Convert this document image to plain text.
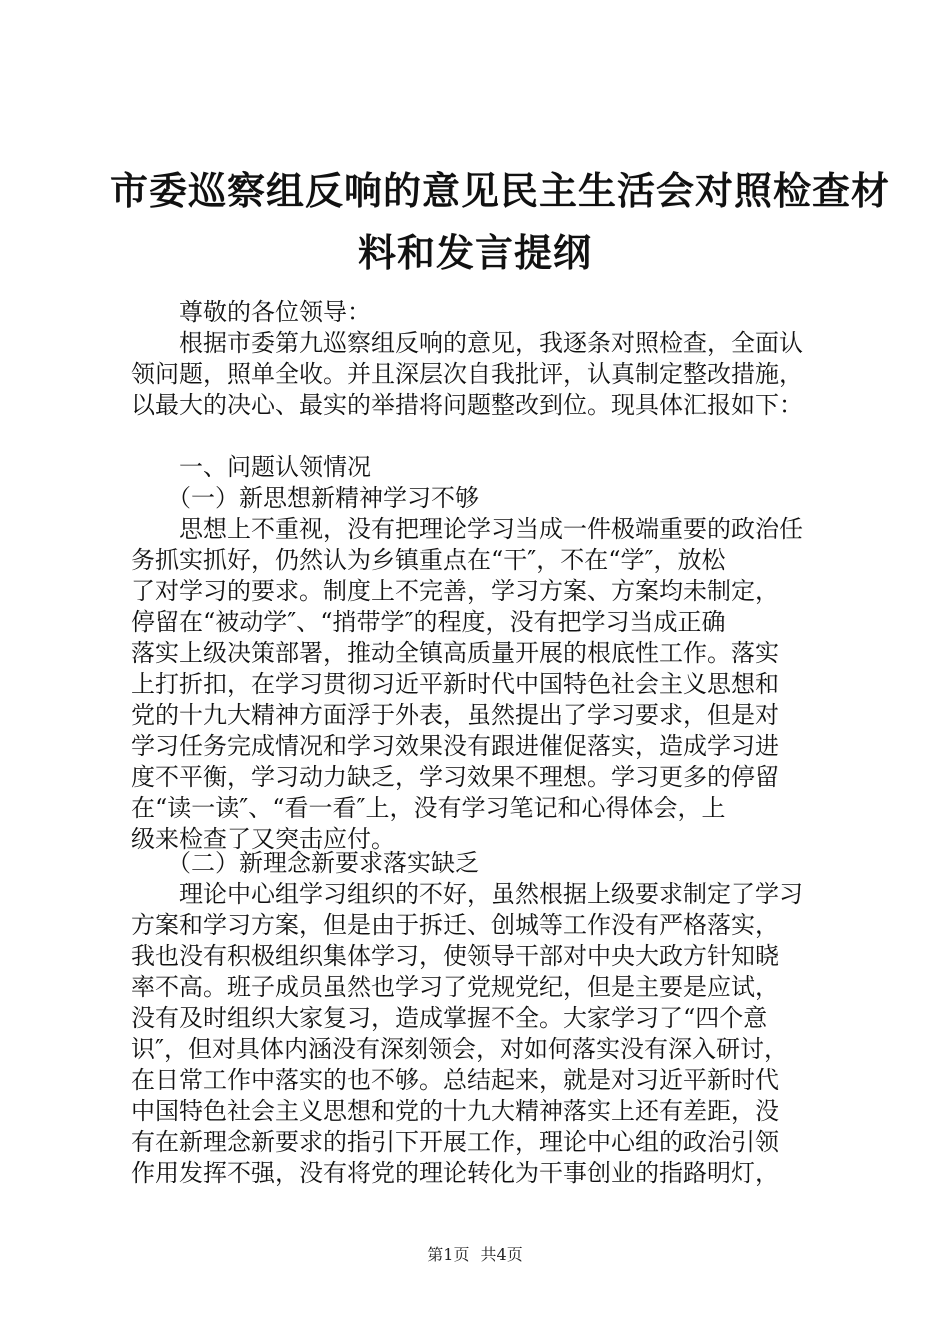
市委巡察组反响的意见民主生活会对照检查材
料和发言提纲
尊敬的各位领导：
根据市委第九巡察组反响的意见，我逐条对照检查，全面认
领问题，照单全收。并且深层次自我批评，认真制定整改措施，
以最大的决心、最实的举措将问题整改到位。现具体汇报如下：
一、问题认领情况
（一）新思想新精神学习不够
思想上不重视，没有把理论学习当成一件极端重要的政治任
务抓实抓好，仍然认为乡镇重点在“干″，不在“学″，放松
了对学习的要求。制度上不完善，学习方案、方案均未制定，
停留在“被动学″、“捎带学″的程度，没有把学习当成正确
落实上级决策部署，推动全镇高质量开展的根底性工作。落实
上打折扣，在学习贯彻习近平新时代中国特色社会主义思想和
党的十九大精神方面浮于外表，虽然提出了学习要求，但是对
学习任务完成情况和学习效果没有跟进催促落实，造成学习进
度不平衡，学习动力缺乏，学习效果不理想。学习更多的停留
在“读一读″、“看一看″上，没有学习笔记和心得体会，上
级来检查了又突击应付。
（二）新理念新要求落实缺乏
理论中心组学习组织的不好，虽然根据上级要求制定了学习
方案和学习方案，但是由于拆迁、创城等工作没有严格落实，
我也没有积极组织集体学习，使领导干部对中央大政方针知晓
率不高。班子成员虽然也学习了党规党纪，但是主要是应试，
没有及时组织大家复习，造成掌握不全。大家学习了“四个意
识″，但对具体内涵没有深刻领会，对如何落实没有深入研讨，
在日常工作中落实的也不够。总结起来，就是对习近平新时代
中国特色社会主义思想和党的十九大精神落实上还有差距，没
有在新理念新要求的指引下开展工作，理论中心组的政治引领
作用发挥不强，没有将党的理论转化为干事创业的指路明灯，
第1页 共4页
